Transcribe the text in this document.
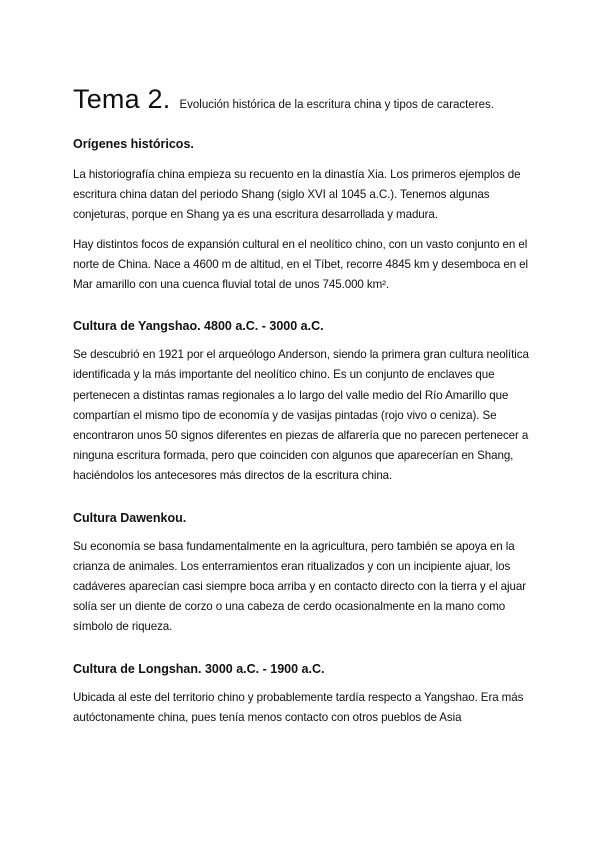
Tema 2. Evolución histórica de la escritura china y tipos de caracteres.

Orígenes históricos.

La historiografía china empieza su recuento en la dinastía Xia. Los primeros ejemplos de escritura china datan del periodo Shang (siglo XVI al 1045 a.C.). Tenemos algunas conjeturas, porque en Shang ya es una escritura desarrollada y madura.

Hay distintos focos de expansión cultural en el neolítico chino, con un vasto conjunto en el norte de China. Nace a 4600 m de altitud, en el Tíbet, recorre 4845 km y desemboca en el Mar amarillo con una cuenca fluvial total de unos 745.000 km².

Cultura de Yangshao. 4800 a.C. - 3000 a.C.

Se descubrió en 1921 por el arqueólogo Anderson, siendo la primera gran cultura neolítica identificada y la más importante del neolítico chino. Es un conjunto de enclaves que pertenecen a distintas ramas regionales a lo largo del valle medio del Río Amarillo que compartían el mismo tipo de economía y de vasijas pintadas (rojo vivo o ceniza). Se encontraron unos 50 signos diferentes en piezas de alfarería que no parecen pertenecer a ninguna escritura formada, pero que coinciden con algunos que aparecerían en Shang, haciéndolos los antecesores más directos de la escritura china.

Cultura Dawenkou.

Su economía se basa fundamentalmente en la agricultura, pero también se apoya en la crianza de animales. Los enterramientos eran ritualizados y con un incipiente ajuar, los cadáveres aparecían casi siempre boca arriba y en contacto directo con la tierra y el ajuar solía ser un diente de corzo o una cabeza de cerdo ocasionalmente en la mano como símbolo de riqueza.

Cultura de Longshan. 3000 a.C. - 1900 a.C.

Ubicada al este del territorio chino y probablemente tardía respecto a Yangshao. Era más autóctonamente china, pues tenía menos contacto con otros pueblos de Asia
